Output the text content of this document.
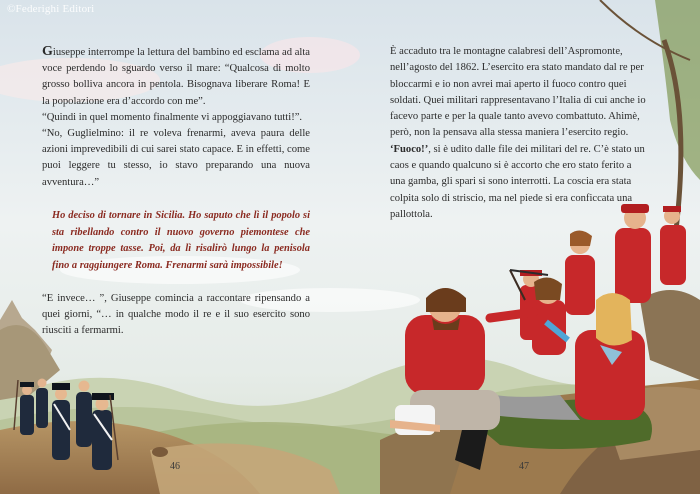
©Federighi Editori

Giuseppe interrompe la lettura del bambino ed esclama ad alta voce perdendo lo sguardo verso il mare: “Qualcosa di molto grosso bolliva ancora in pentola. Bisognava liberare Roma! E la popolazione era d’accordo con me”.

“Quindi in quel momento finalmente vi appoggiavano tutti!”.

“No, Guglielmino: il re voleva frenarmi, aveva paura delle azioni imprevedibili di cui sarei stato capace. E in effetti, come puoi leggere tu stesso, io stavo preparando una nuova avventura…”

Ho deciso di tornare in Sicilia. Ho saputo che lì il popolo si sta ribellando contro il nuovo governo piemontese che impone troppe tasse. Poi, da lì risalirò lungo la penisola fino a raggiungere Roma. Frenarmi sarà impossibile!
“E invece… ”, Giuseppe comincia a raccontare ripensando a quei giorni, “… in qualche modo il re e il suo esercito sono riusciti a fermarmi.
È accaduto tra le montagne calabresi dell’Aspromonte, nell’agosto del 1862. L’esercito era stato mandato dal re per bloccarmi e io non avrei mai aperto il fuoco contro quei soldati. Quei militari rappresentavano l’Italia di cui anche io facevo parte e per la quale tanto avevo combattuto. Ahimè, però, non la pensava alla stessa maniera l’esercito regio. ‘Fuoco!’, si è udito dalle file dei militari del re. C’è stato un caos e quando qualcuno si è accorto che ero stato ferito a una gamba, gli spari si sono interrotti. La coscia era stata colpita solo di striscio, ma nel piede si era conficcata una pallottola.
46	47
